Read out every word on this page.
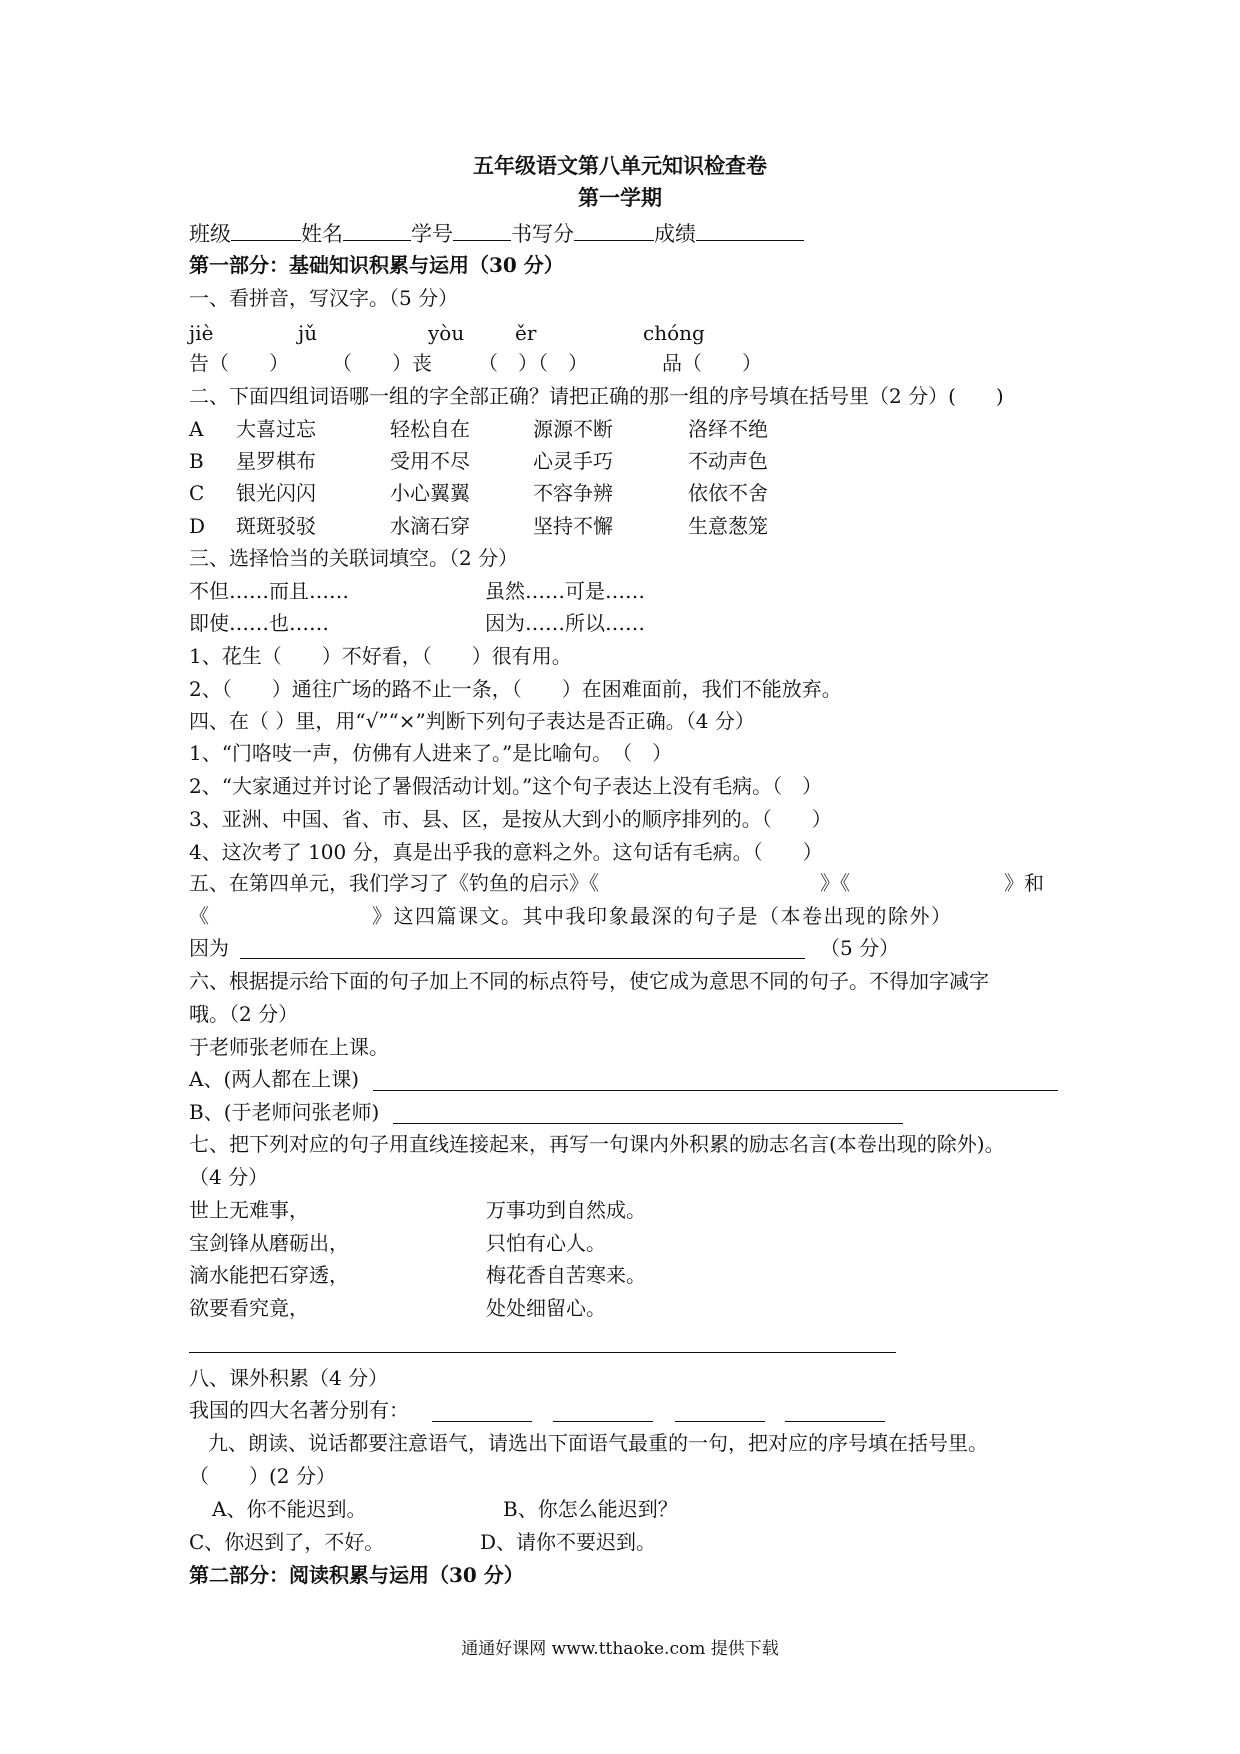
五年级语文第八单元知识检查卷
第一学期
班级	姓名	学号	书写分	成绩
第一部分：基础知识积累与运用（30 分）
一、看拼音，写汉字。（5 分）
jiè	jǔ	yòu	ěr	chóng
告（　　） （　　）丧 （　）（　）	品（　　）
二、下面四组词语哪一组的字全部正确？请把正确的那一组的序号填在括号里（2 分）(　　)
A 大喜过忘	轻松自在	源源不断	洛绎不绝
B 星罗棋布	受用不尽	心灵手巧	不动声色
C 银光闪闪	小心翼翼	不容争辨	依依不舍
D 斑斑驳驳	水滴石穿	坚持不懈	生意葱笼
三、选择恰当的关联词填空。（2 分）
不但……而且……	虽然……可是……
即使……也……	因为……所以……
1、花生（　　）不好看，（　　）很有用。
2、（　　）通往广场的路不止一条，（　　）在困难面前，我们不能放弃。
四、在（ ）里，用“√”“×”判断下列句子表达是否正确。（4 分）
1、“门咯吱一声，仿佛有人进来了。”是比喻句。　（　）
2、“大家通过并讨论了暑假活动计划。”这个句子表达上没有毛病。（　）
3、亚洲、中国、省、市、县、区，是按从大到小的顺序排列的。（　　）
4、这次考了 100 分，真是出乎我的意料之外。这句话有毛病。（　　）
五、在第四单元，我们学习了《钓鱼的启示》《	》《	》和
《	》这四篇课文。其中我印象最深的句子是（本卷出现的除外）
因为	（5 分）
六、根据提示给下面的句子加上不同的标点符号，使它成为意思不同的句子。不得加字减字
哦。（2 分）
于老师张老师在上课。
A、(两人都在上课)
B、(于老师问张老师)
七、把下列对应的句子用直线连接起来，再写一句课内外积累的励志名言(本卷出现的除外)。
（4 分）
世上无难事，	万事功到自然成。
宝剑锋从磨砺出，	只怕有心人。
滴水能把石穿透，	梅花香自苦寒来。
欲要看究竟，	处处细留心。
八、课外积累（4 分）
我国的四大名著分别有：
九、朗读、说话都要注意语气，请选出下面语气最重的一句，把对应的序号填在括号里。
（　　）(2 分）
A、你不能迟到。	B、你怎么能迟到？
C、你迟到了，不好。	D、请你不要迟到。
第二部分：阅读积累与运用（30 分）
通通好课网 www.tthaoke.com 提供下载
